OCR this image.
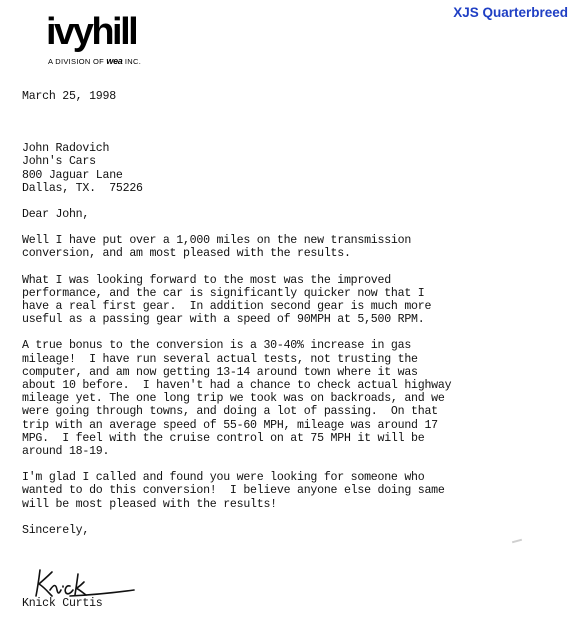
ivyhill
A DIVISION OF wea INC.
XJS Quarterbreed

March 25, 1998

John Radovich

John's Cars

800 Jaguar Lane

Dallas, TX.  75226

Dear John,

Well I have put over a 1,000 miles on the new transmission

conversion, and am most pleased with the results.

What I was looking forward to the most was the improved

performance, and the car is significantly quicker now that I

have a real first gear.  In addition second gear is much more

useful as a passing gear with a speed of 90MPH at 5,500 RPM.

A true bonus to the conversion is a 30-40% increase in gas

mileage!  I have run several actual tests, not trusting the

computer, and am now getting 13-14 around town where it was

about 10 before.  I haven't had a chance to check actual highway

mileage yet. The one long trip we took was on backroads, and we

were going through towns, and doing a lot of passing.  On that

trip with an average speed of 55-60 MPH, mileage was around 17

MPG.  I feel with the cruise control on at 75 MPH it will be

around 18-19.

I'm glad I called and found you were looking for someone who

wanted to do this conversion!  I believe anyone else doing same

will be most pleased with the results!

Sincerely,

Knick Curtis
